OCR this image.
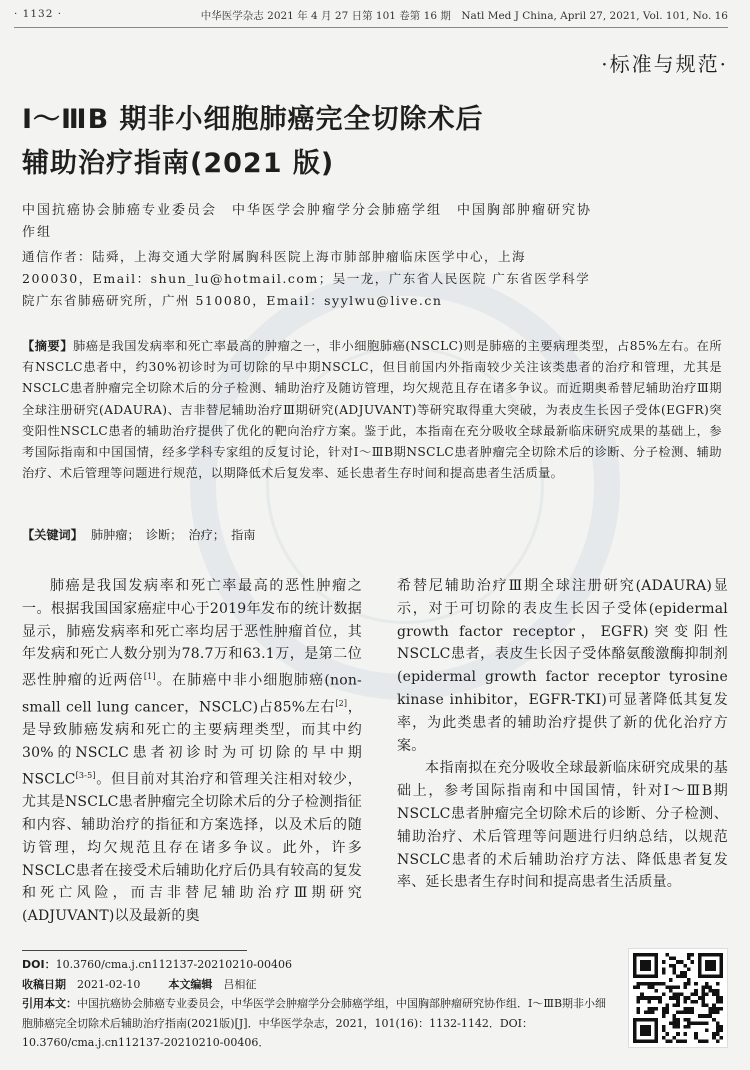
· 1132 ·	中华医学杂志 2021 年 4 月 27 日第 101 卷第 16 期　Natl Med J China, April 27, 2021, Vol. 101, No. 16
·标准与规范·
Ⅰ～ⅢB 期非小细胞肺癌完全切除术后
辅助治疗指南(2021 版)
中国抗癌协会肺癌专业委员会　中华医学会肿瘤学分会肺癌学组　中国胸部肿瘤研究协作组
通信作者：陆舜，上海交通大学附属胸科医院上海市肺部肿瘤临床医学中心，上海 200030，Email：shun_lu@hotmail.com；吴一龙，广东省人民医院 广东省医学科学院广东省肺癌研究所，广州 510080，Email：syylwu@live.cn
【摘要】肺癌是我国发病率和死亡率最高的肿瘤之一，非小细胞肺癌(NSCLC)则是肺癌的主要病理类型，占85%左右。在所有NSCLC患者中，约30%初诊时为可切除的早中期NSCLC，但目前国内外指南较少关注该类患者的治疗和管理，尤其是NSCLC患者肿瘤完全切除术后的分子检测、辅助治疗及随访管理，均欠规范且存在诸多争议。而近期奥希替尼辅助治疗Ⅲ期全球注册研究(ADAURA)、吉非替尼辅助治疗Ⅲ期研究(ADJUVANT)等研究取得重大突破，为表皮生长因子受体(EGFR)突变阳性NSCLC患者的辅助治疗提供了优化的靶向治疗方案。鉴于此，本指南在充分吸收全球最新临床研究成果的基础上，参考国际指南和中国国情，经多学科专家组的反复讨论，针对Ⅰ～ⅢB期NSCLC患者肿瘤完全切除术后的诊断、分子检测、辅助治疗、术后管理等问题进行规范，以期降低术后复发率、延长患者生存时间和提高患者生活质量。
【关键词】 肺肿瘤；　诊断；　治疗；　指南

肺癌是我国发病率和死亡率最高的恶性肿瘤之一。根据我国国家癌症中心于2019年发布的统计数据显示，肺癌发病率和死亡率均居于恶性肿瘤首位，其年发病和死亡人数分别为78.7万和63.1万，是第二位恶性肿瘤的近两倍[1]。在肺癌中非小细胞肺癌(non-small cell lung cancer，NSCLC)占85%左右[2]，是导致肺癌发病和死亡的主要病理类型，而其中约30%的NSCLC患者初诊时为可切除的早中期NSCLC[3-5]。但目前对其治疗和管理关注相对较少，尤其是NSCLC患者肿瘤完全切除术后的分子检测指征和内容、辅助治疗的指征和方案选择，以及术后的随访管理，均欠规范且存在诸多争议。此外，许多NSCLC患者在接受术后辅助化疗后仍具有较高的复发和死亡风险，而吉非替尼辅助治疗Ⅲ期研究(ADJUVANT)以及最新的奥

希替尼辅助治疗Ⅲ期全球注册研究(ADAURA)显示，对于可切除的表皮生长因子受体(epidermal growth factor receptor，EGFR)突变阳性NSCLC患者，表皮生长因子受体酪氨酸激酶抑制剂(epidermal growth factor receptor tyrosine kinase inhibitor，EGFR-TKI)可显著降低其复发率，为此类患者的辅助治疗提供了新的优化治疗方案。

本指南拟在充分吸收全球最新临床研究成果的基础上，参考国际指南和中国国情，针对Ⅰ～ⅢB期NSCLC患者肿瘤完全切除术后的诊断、分子检测、辅助治疗、术后管理等问题进行归纳总结，以规范NSCLC患者的术后辅助治疗方法、降低患者复发率、延长患者生存时间和提高患者生活质量。

DOI：10.3760/cma.j.cn112137-20210210-00406
收稿日期　 2021-02-10	本文编辑　 吕相征
引用本文：中国抗癌协会肺癌专业委员会，中华医学会肿瘤学分会肺癌学组，中国胸部肿瘤研究协作组．Ⅰ～ⅢB期非小细胞肺癌完全切除术后辅助治疗指南(2021版)[J]．中华医学杂志，2021，101(16)：1132-1142．DOI：10.3760/cma.j.cn112137-20210210-00406．
